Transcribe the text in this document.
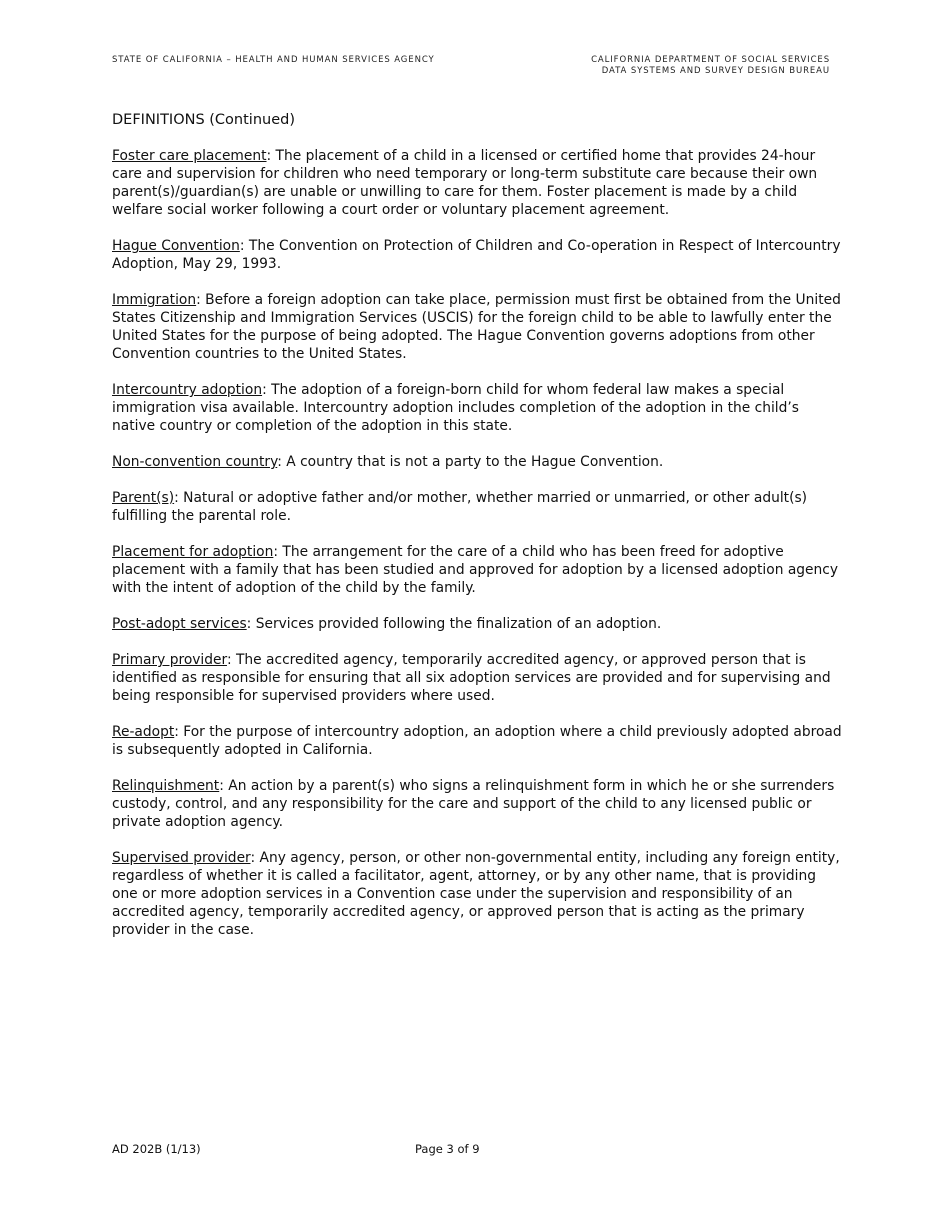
STATE OF CALIFORNIA – HEALTH AND HUMAN SERVICES AGENCY	CALIFORNIA DEPARTMENT OF SOCIAL SERVICES
DATA SYSTEMS AND SURVEY DESIGN BUREAU
DEFINITIONS (Continued)

Foster care placement: The placement of a child in a licensed or certified home that provides 24-hour care and supervision for children who need temporary or long-term substitute care because their own parent(s)/guardian(s) are unable or unwilling to care for them. Foster placement is made by a child welfare social worker following a court order or voluntary placement agreement.

Hague Convention: The Convention on Protection of Children and Co-operation in Respect of Intercountry Adoption, May 29, 1993.

Immigration: Before a foreign adoption can take place, permission must first be obtained from the United States Citizenship and Immigration Services (USCIS) for the foreign child to be able to lawfully enter the United States for the purpose of being adopted. The Hague Convention governs adoptions from other Convention countries to the United States.

Intercountry adoption: The adoption of a foreign-born child for whom federal law makes a special immigration visa available. Intercountry adoption includes completion of the adoption in the child’s native country or completion of the adoption in this state.

Non-convention country: A country that is not a party to the Hague Convention.

Parent(s): Natural or adoptive father and/or mother, whether married or unmarried, or other adult(s) fulfilling the parental role.

Placement for adoption: The arrangement for the care of a child who has been freed for adoptive placement with a family that has been studied and approved for adoption by a licensed adoption agency with the intent of adoption of the child by the family.

Post-adopt services: Services provided following the finalization of an adoption.

Primary provider: The accredited agency, temporarily accredited agency, or approved person that is identified as responsible for ensuring that all six adoption services are provided and for supervising and being responsible for supervised providers where used.

Re-adopt: For the purpose of intercountry adoption, an adoption where a child previously adopted abroad is subsequently adopted in California.

Relinquishment: An action by a parent(s) who signs a relinquishment form in which he or she surrenders custody, control, and any responsibility for the care and support of the child to any licensed public or private adoption agency.

Supervised provider: Any agency, person, or other non-governmental entity, including any foreign entity, regardless of whether it is called a facilitator, agent, attorney, or by any other name, that is providing one or more adoption services in a Convention case under the supervision and responsibility of an accredited agency, temporarily accredited agency, or approved person that is acting as the primary provider in the case.

AD 202B (1/13)	Page 3 of 9
